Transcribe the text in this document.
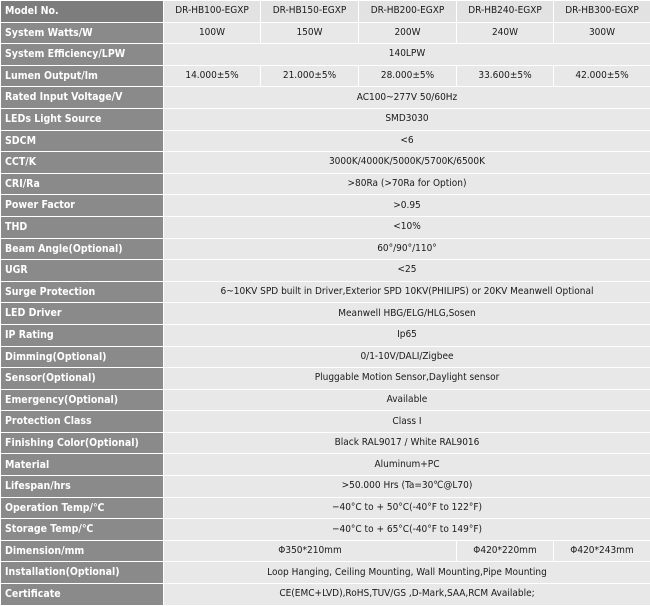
Model No.	DR-HB100-EGXP	DR-HB150-EGXP	DR-HB200-EGXP	DR-HB240-EGXP	DR-HB300-EGXP
System Watts/W	100W	150W	200W	240W	300W
System Efficiency/LPW	140LPW				
Lumen Output/lm	14.000±5%	21.000±5%	28.000±5%	33.600±5%	42.000±5%
Rated Input Voltage/V	AC100~277V 50/60Hz				
LEDs Light Source	SMD3030				
SDCM	<6				
CCT/K	3000K/4000K/5000K/5700K/6500K				
CRI/Ra	>80Ra (>70Ra for Option)				
Power Factor	>0.95				
THD	<10%				
Beam Angle(Optional)	60°/90°/110°				
UGR	<25				
Surge Protection	6~10KV SPD built in Driver,Exterior SPD 10KV(PHILIPS) or 20KV Meanwell Optional				
LED Driver	Meanwell HBG/ELG/HLG,Sosen				
IP Rating	Ip65				
Dimming(Optional)	0/1-10V/DALI/Zigbee				
Sensor(Optional)	Pluggable Motion Sensor,Daylight sensor				
Emergency(Optional)	Available				
Protection Class	Class Ⅰ				
Finishing Color(Optional)	Black RAL9017 / White RAL9016				
Material	Aluminum+PC				
Lifespan/hrs	>50.000 Hrs (Ta=30℃@L70)				
Operation Temp/℃	−40°C to + 50°C(-40°F to 122°F)				
Storage Temp/℃	−40°C to + 65°C(-40°F to 149°F)				
Dimension/mm	Φ350*210mm			Φ420*220mm	Φ420*243mm
Installation(Optional)	Loop Hanging, Ceiling Mounting, Wall Mounting,Pipe Mounting				
Certificate	CE(EMC+LVD),RoHS,TUV/GS ,D-Mark,SAA,RCM Available;				
